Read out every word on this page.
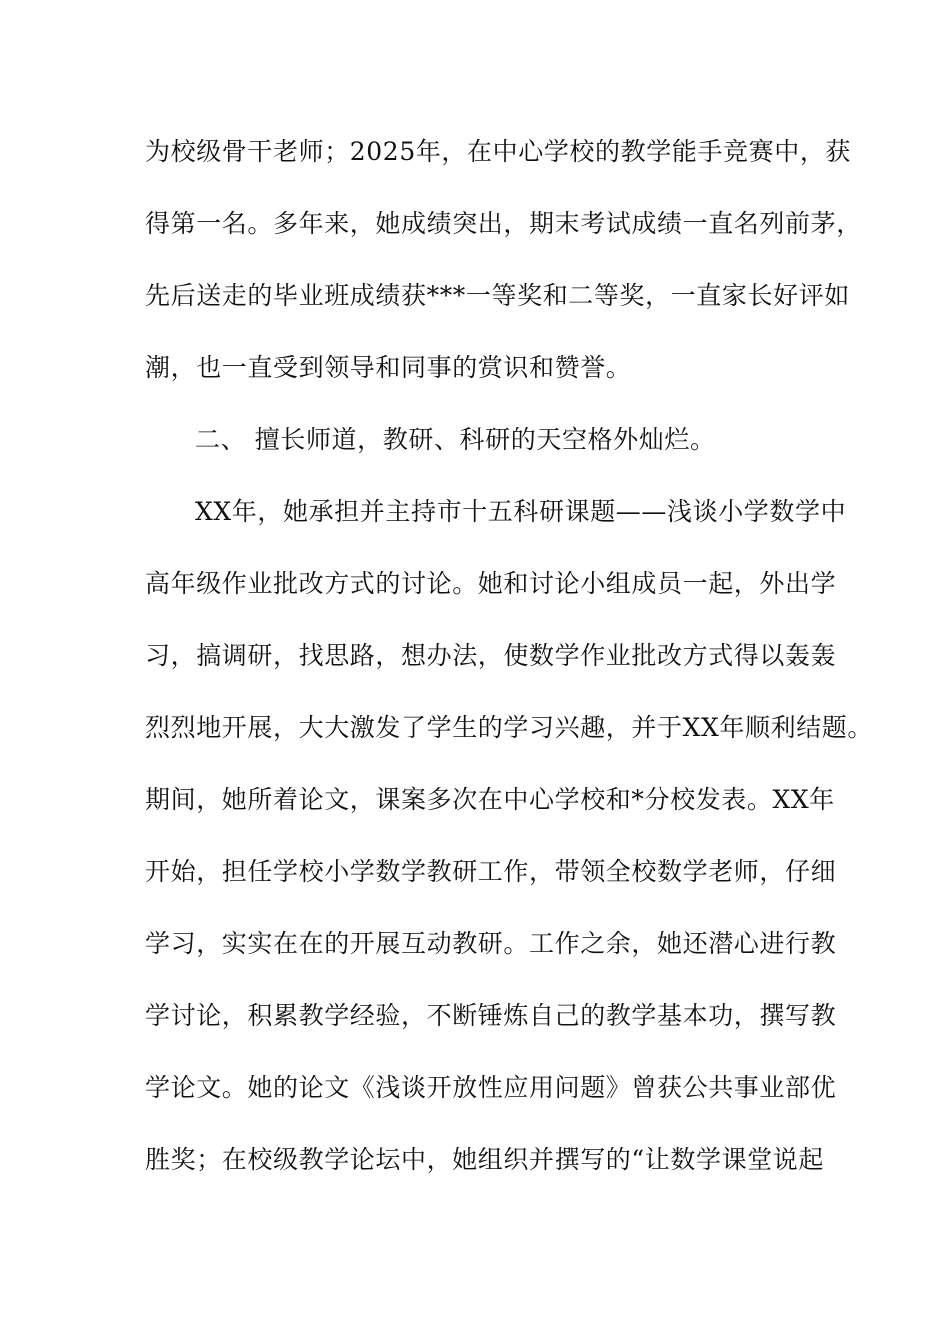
为校级骨干老师；2025年，在中心学校的教学能手竞赛中，获
得第一名。多年来，她成绩突出，期末考试成绩一直名列前茅，
先后送走的毕业班成绩获***一等奖和二等奖，一直家长好评如
潮，也一直受到领导和同事的赏识和赞誉。
二、 擅长师道，教研、科研的天空格外灿烂。
XX年，她承担并主持市十五科研课题——浅谈小学数学中
高年级作业批改方式的讨论。她和讨论小组成员一起，外出学
习，搞调研，找思路，想办法，使数学作业批改方式得以轰轰
烈烈地开展，大大激发了学生的学习兴趣，并于XX年顺利结题。
期间，她所着论文，课案多次在中心学校和*分校发表。XX年
开始，担任学校小学数学教研工作，带领全校数学老师，仔细
学习，实实在在的开展互动教研。工作之余，她还潜心进行教
学讨论，积累教学经验，不断锤炼自己的教学基本功，撰写教
学论文。她的论文《浅谈开放性应用问题》曾获公共事业部优
胜奖；在校级教学论坛中，她组织并撰写的“让数学课堂说起
